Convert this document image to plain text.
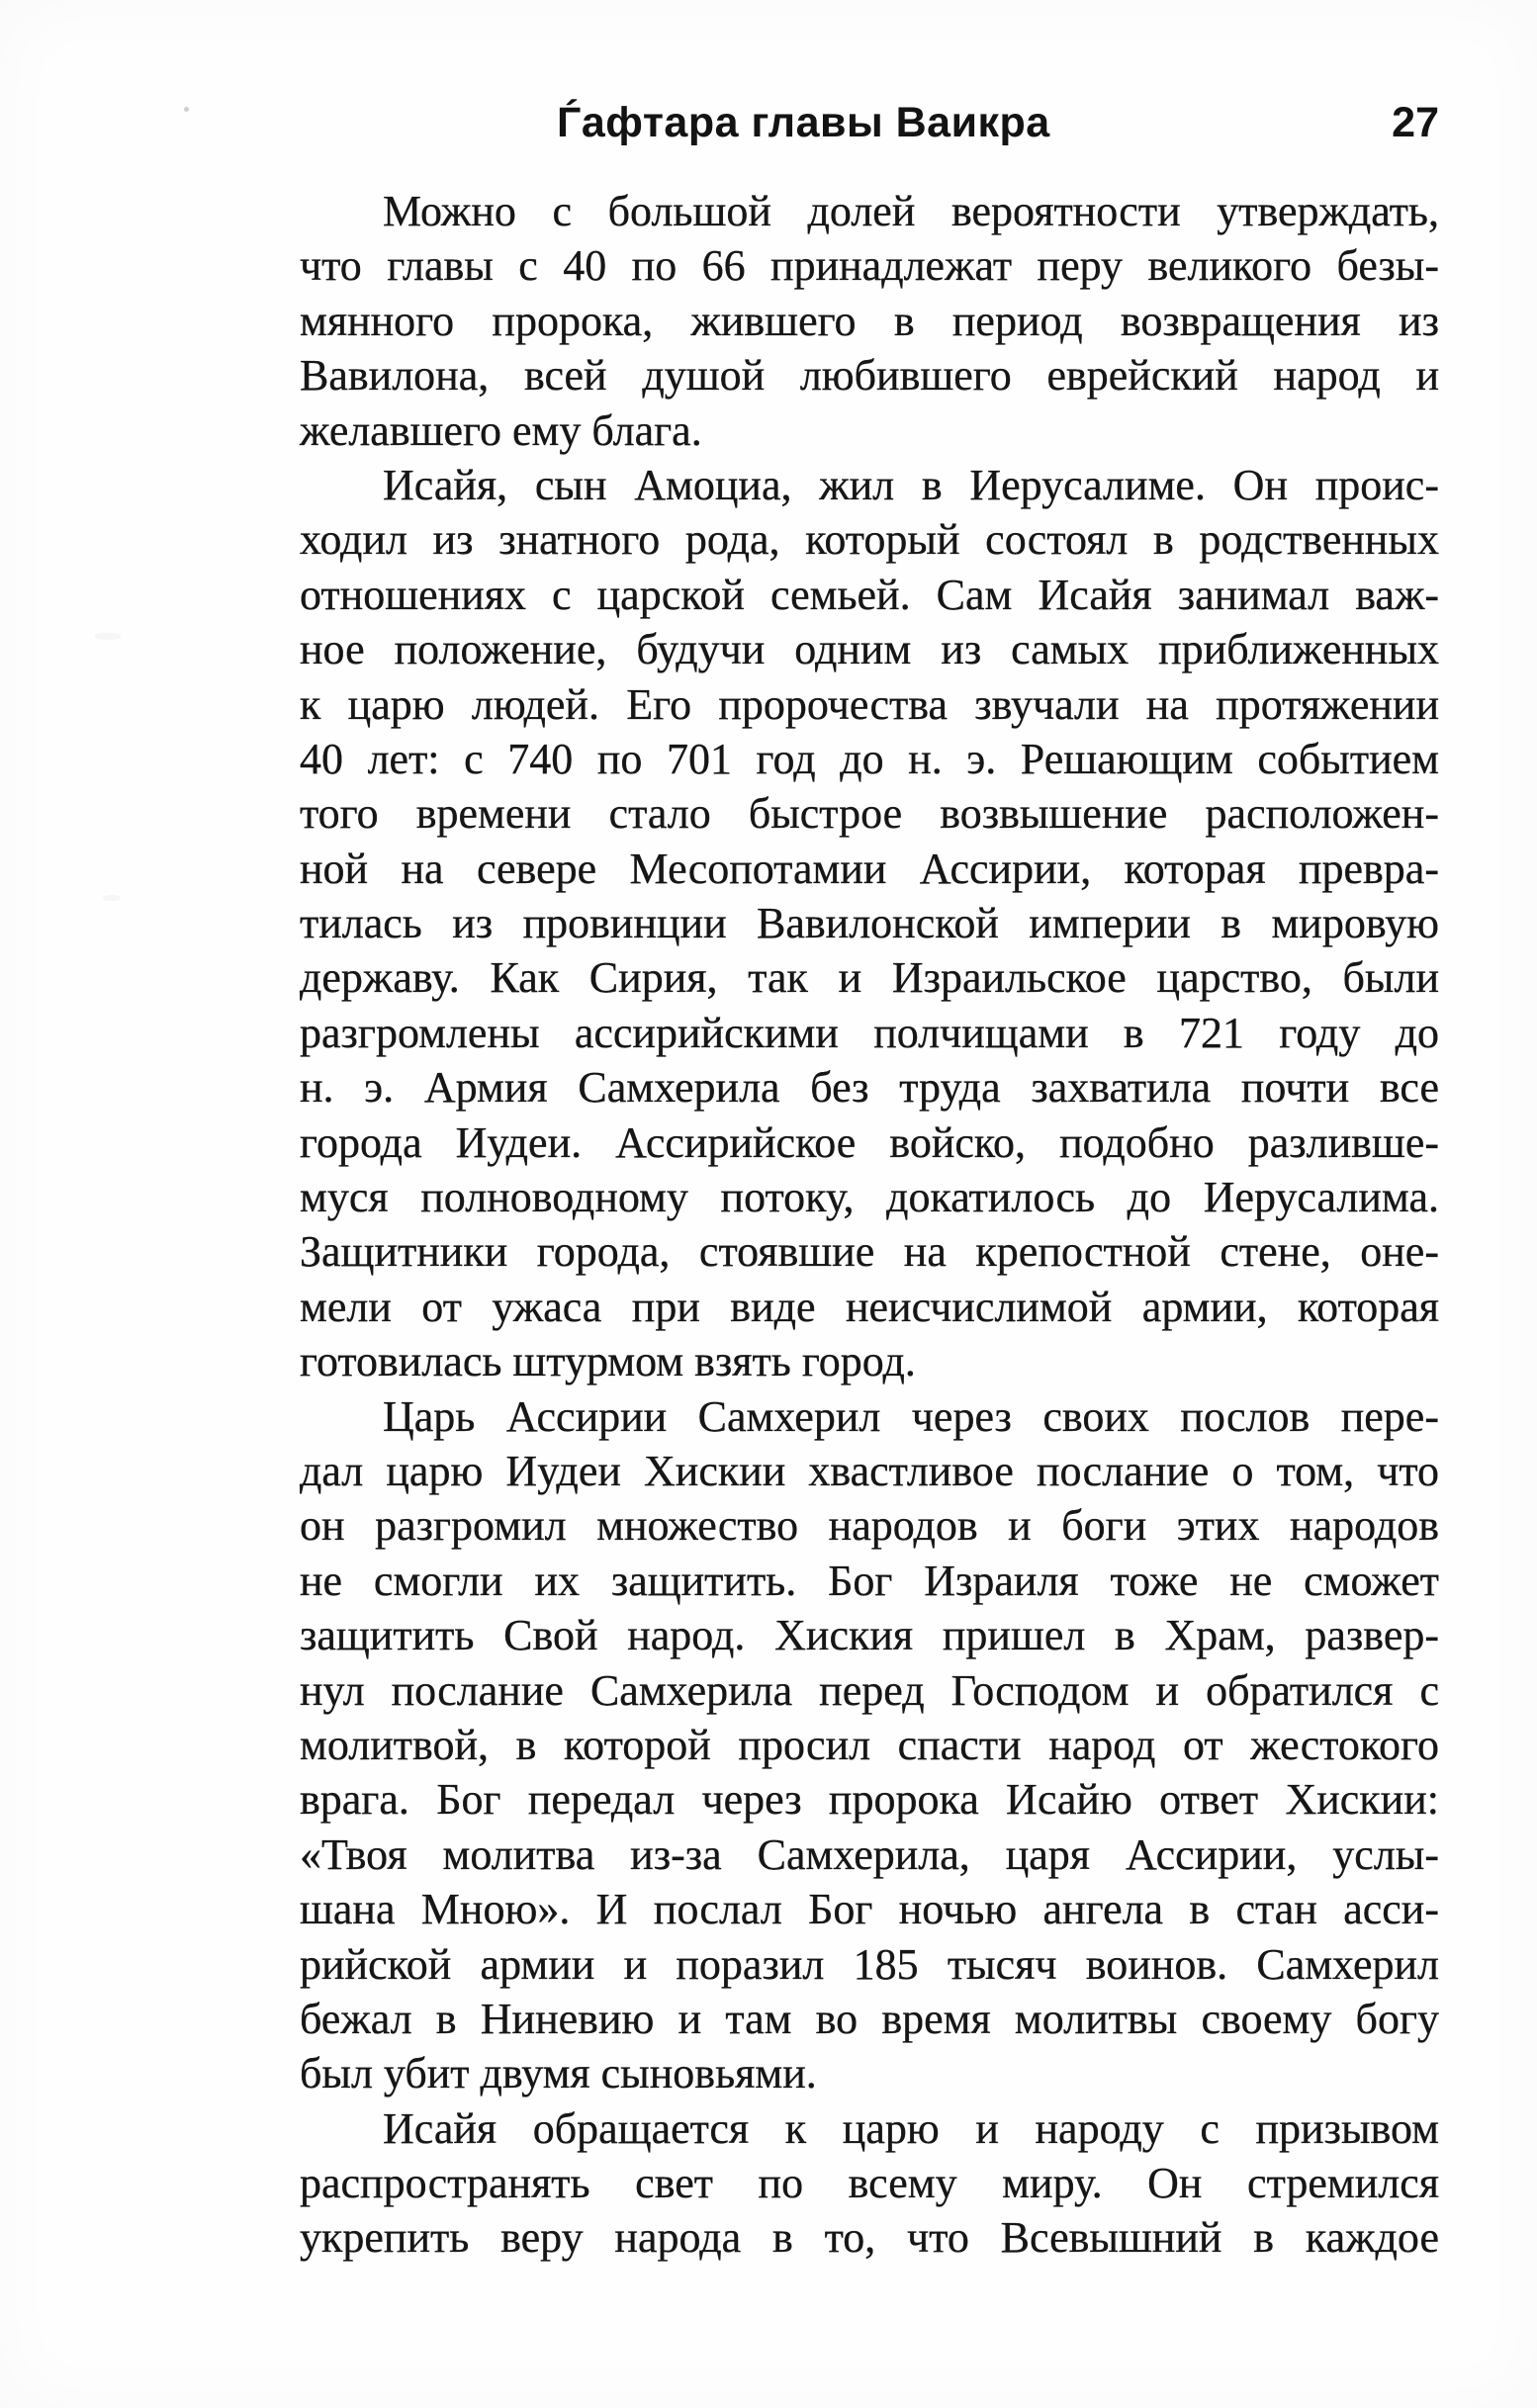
Ѓафтара главы Ваикра	27
Можно с большой долей вероятности утверждать,
что главы с 40 по 66 принадлежат перу великого безы-
мянного пророка, жившего в период возвращения из
Вавилона, всей душой любившего еврейский народ и
желавшего ему блага.
Исайя, сын Амоциа, жил в Иерусалиме. Он проис-
ходил из знатного рода, который состоял в родственных
отношениях с царской семьей. Сам Исайя занимал важ-
ное положение, будучи одним из самых приближенных
к царю людей. Его пророчества звучали на протяжении
40 лет: с 740 по 701 год до н. э. Решающим событием
того времени стало быстрое возвышение расположен-
ной на севере Месопотамии Ассирии, которая превра-
тилась из провинции Вавилонской империи в мировую
державу. Как Сирия, так и Израильское царство, были
разгромлены ассирийскими полчищами в 721 году до
н. э. Армия Самхерила без труда захватила почти все
города Иудеи. Ассирийское войско, подобно разливше-
муся полноводному потоку, докатилось до Иерусалима.
Защитники города, стоявшие на крепостной стене, оне-
мели от ужаса при виде неисчислимой армии, которая
готовилась штурмом взять город.
Царь Ассирии Самхерил через своих послов пере-
дал царю Иудеи Хискии хвастливое послание о том, что
он разгромил множество народов и боги этих народов
не смогли их защитить. Бог Израиля тоже не сможет
защитить Свой народ. Хиския пришел в Храм, развер-
нул послание Самхерила перед Господом и обратился с
молитвой, в которой просил спасти народ от жестокого
врага. Бог передал через пророка Исайю ответ Хискии:
«Твоя молитва из-за Самхерила, царя Ассирии, услы-
шана Мною». И послал Бог ночью ангела в стан асси-
рийской армии и поразил 185 тысяч воинов. Самхерил
бежал в Ниневию и там во время молитвы своему богу
был убит двумя сыновьями.
Исайя обращается к царю и народу с призывом
распространять свет по всему миру. Он стремился
укрепить веру народа в то, что Всевышний в каждое
